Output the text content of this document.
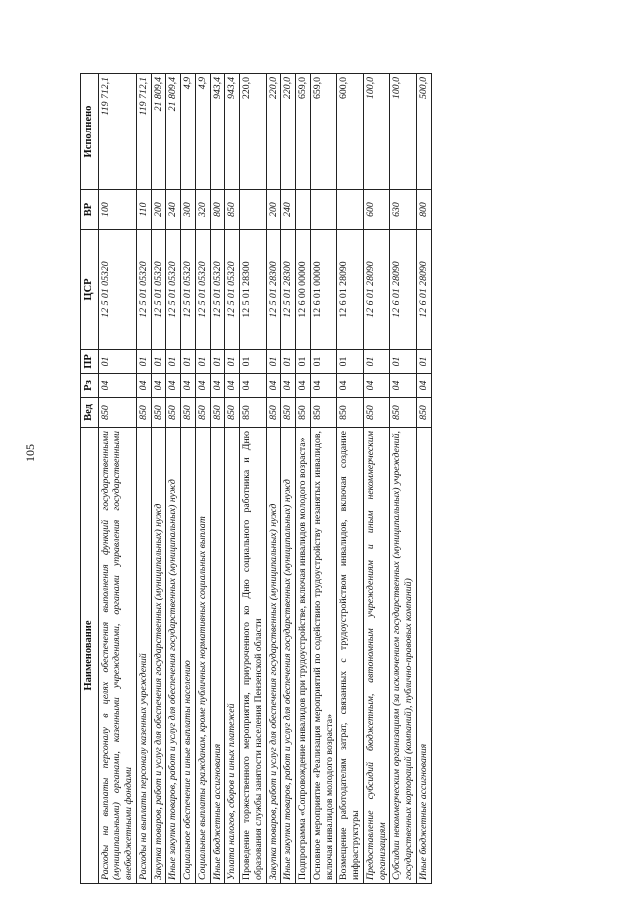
105
Наименование	Вед	Рз	ПР	ЦСР	ВР	Исполнено
Расходы на выплаты персоналу в целях обеспечения выполнения функций государственными (муниципальными) органами, казенными учреждениями, органами управления государственными внебюджетными фондами	850	04	01	12 5 01 05320	100	119 712,1
Расходы на выплаты персоналу казенных учреждений	850	04	01	12 5 01 05320	110	119 712,1
Закупка товаров, работ и услуг для обеспечения государственных (муниципальных) нужд	850	04	01	12 5 01 05320	200	21 809,4
Иные закупки товаров, работ и услуг для обеспечения государственных (муниципальных) нужд	850	04	01	12 5 01 05320	240	21 809,4
Социальное обеспечение и иные выплаты населению	850	04	01	12 5 01 05320	300	4,9
Социальные выплаты гражданам, кроме публичных нормативных социальных выплат	850	04	01	12 5 01 05320	320	4,9
Иные бюджетные ассигнования	850	04	01	12 5 01 05320	800	943,4
Уплата налогов, сборов и иных платежей	850	04	01	12 5 01 05320	850	943,4
Проведение торжественного мероприятия, приуроченного ко Дню социального работника и Дню образования службы занятости населения Пензенской области	850	04	01	12 5 01 28300		220,0
Закупка товаров, работ и услуг для обеспечения государственных (муниципальных) нужд	850	04	01	12 5 01 28300	200	220,0
Иные закупки товаров, работ и услуг для обеспечения государственных (муниципальных) нужд	850	04	01	12 5 01 28300	240	220,0
Подпрограмма «Сопровождение инвалидов при трудоустройстве, включая инвалидов молодого возраста»	850	04	01	12 6 00 00000		659,0
Основное мероприятие «Реализация мероприятий по содействию трудоустройству незанятых инвалидов, включая инвалидов молодого возраста»	850	04	01	12 6 01 00000		659,0
Возмещение работодателям затрат, связанных с трудоустройством инвалидов, включая создание инфраструктуры	850	04	01	12 6 01 28090		600,0
Предоставление субсидий бюджетным, автономным учреждениям и иным некоммерческим организациям	850	04	01	12 6 01 28090	600	100,0
Субсидии некоммерческим организациям (за исключением государственных (муниципальных) учреждений, государственных корпораций (компаний), публично-правовых компаний)	850	04	01	12 6 01 28090	630	100,0
Иные бюджетные ассигнования	850	04	01	12 6 01 28090	800	500,0
